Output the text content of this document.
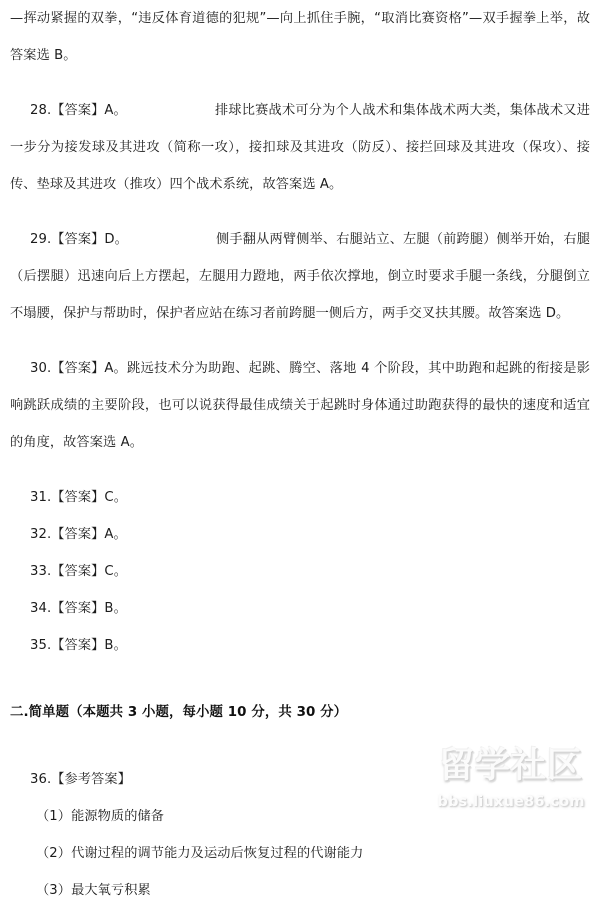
—挥动紧握的双拳，“违反体育道德的犯规”—向上抓住手腕，“取消比赛资格”—双手握拳上举，故答案选 B。

28.【答案】A。	排球比赛战术可分为个人战术和集体战术两大类，集体战术又进一步分为接发球及其进攻（简称一攻），接扣球及其进攻（防反）、接拦回球及其进攻（保攻）、接传、垫球及其进攻（推攻）四个战术系统，故答案选 A。

29.【答案】D。	侧手翻从两臂侧举、右腿站立、左腿（前跨腿）侧举开始，右腿（后摆腿）迅速向后上方摆起，左腿用力蹬地，两手依次撑地，倒立时要求手腿一条线，分腿倒立不塌腰，保护与帮助时，保护者应站在练习者前跨腿一侧后方，两手交叉扶其腰。故答案选 D。

30.【答案】A。跳远技术分为助跑、起跳、腾空、落地 4 个阶段，其中助跑和起跳的衔接是影响跳跃成绩的主要阶段，也可以说获得最佳成绩关于起跳时身体通过助跑获得的最快的速度和适宜的角度，故答案选 A。

31.【答案】C。
32.【答案】A。
33.【答案】C。
34.【答案】B。
35.【答案】B。
二.简单题（本题共 3 小题，每小题 10 分，共 30 分）
36.【参考答案】
（1）能源物质的储备
（2）代谢过程的调节能力及运动后恢复过程的代谢能力
（3）最大氧亏积累
留学社区
bbs.liuxue86.com
